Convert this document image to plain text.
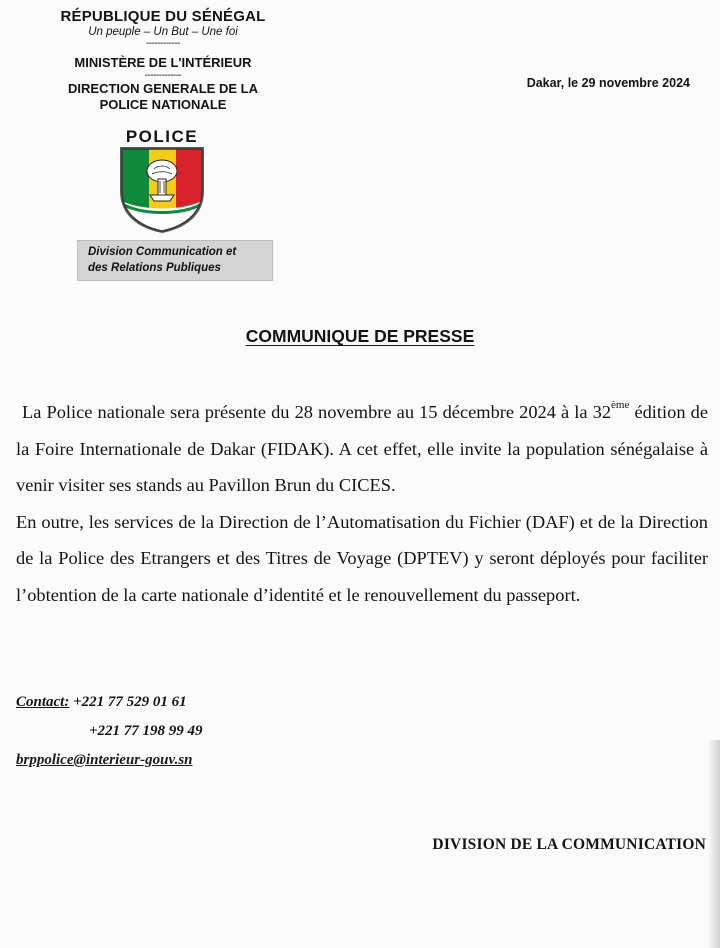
RÉPUBLIQUE DU SÉNÉGAL
Un peuple – Un But – Une foi
------------
MINISTÈRE DE L'INTÉRIEUR
-------------
DIRECTION GENERALE DE LA
POLICE NATIONALE
POLICE
Division Communication et
des Relations Publiques
Dakar, le 29 novembre 2024
COMMUNIQUE DE PRESSE

La Police nationale sera présente du 28 novembre au 15 décembre 2024 à la 32ème édition de la Foire Internationale de Dakar (FIDAK). A cet effet, elle invite la population sénégalaise à venir visiter ses stands au Pavillon Brun du CICES.

En outre, les services de la Direction de l’Automatisation du Fichier (DAF) et de la Direction de la Police des Etrangers et des Titres de Voyage (DPTEV) y seront déployés pour faciliter l’obtention de la carte nationale d’identité et le renouvellement du passeport.

Contact: +221 77 529 01 61
+221 77 198 99 49
brppolice@interieur-gouv.sn
DIVISION DE LA COMMUNICATION
